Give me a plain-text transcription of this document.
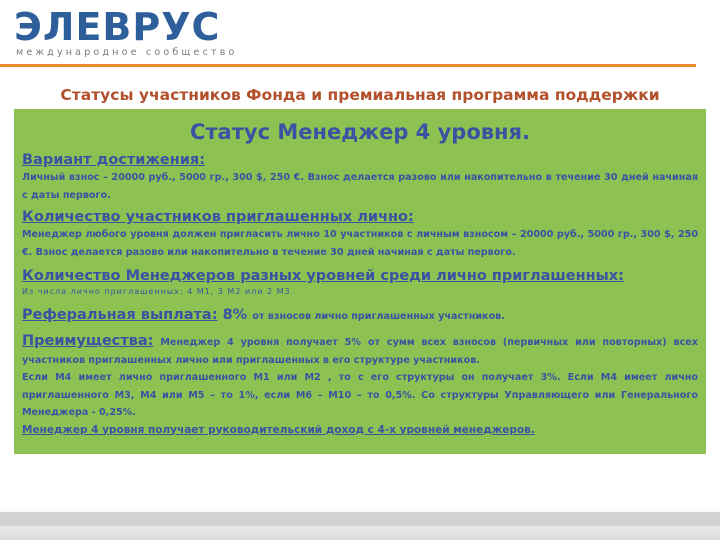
ЭЛЕВРУС
международное сообщество
Статусы участников Фонда и премиальная программа поддержки
Статус Менеджер 4 уровня.
Вариант достижения:
Личный взнос – 20000 руб., 5000 гр., 300 $, 250 €. Взнос делается разово или накопительно в течение 30 дней начиная с даты первого.
Количество участников приглашенных лично:
Менеджер любого уровня должен пригласить лично 10 участников с личным взносом – 20000 руб., 5000 гр., 300 $, 250 €. Взнос делается разово или накопительно в течение 30 дней начиная с даты первого.
Количество Менеджеров разных уровней среди лично приглашенных:
Из числа лично приглашенных: 4 М1, 3 М2 или 2 М3.
Реферальная выплата: 8% от взносов лично приглашенных участников.
Преимущества: Менеджер 4 уровня получает 5% от сумм всех взносов (первичных или повторных) всех участников приглашенных лично или приглашенных в его структуре участников.
Если М4 имеет лично приглашенного М1 или М2 , то с его структуры он получает 3%. Если М4 имеет лично приглашенного М3, М4 или М5 – то 1%, если М6 – М10 – то 0,5%. Со структуры Управляющего или Генерального Менеджера - 0,25%.
Менеджер 4 уровня получает руководительский доход с 4-х уровней менеджеров.
